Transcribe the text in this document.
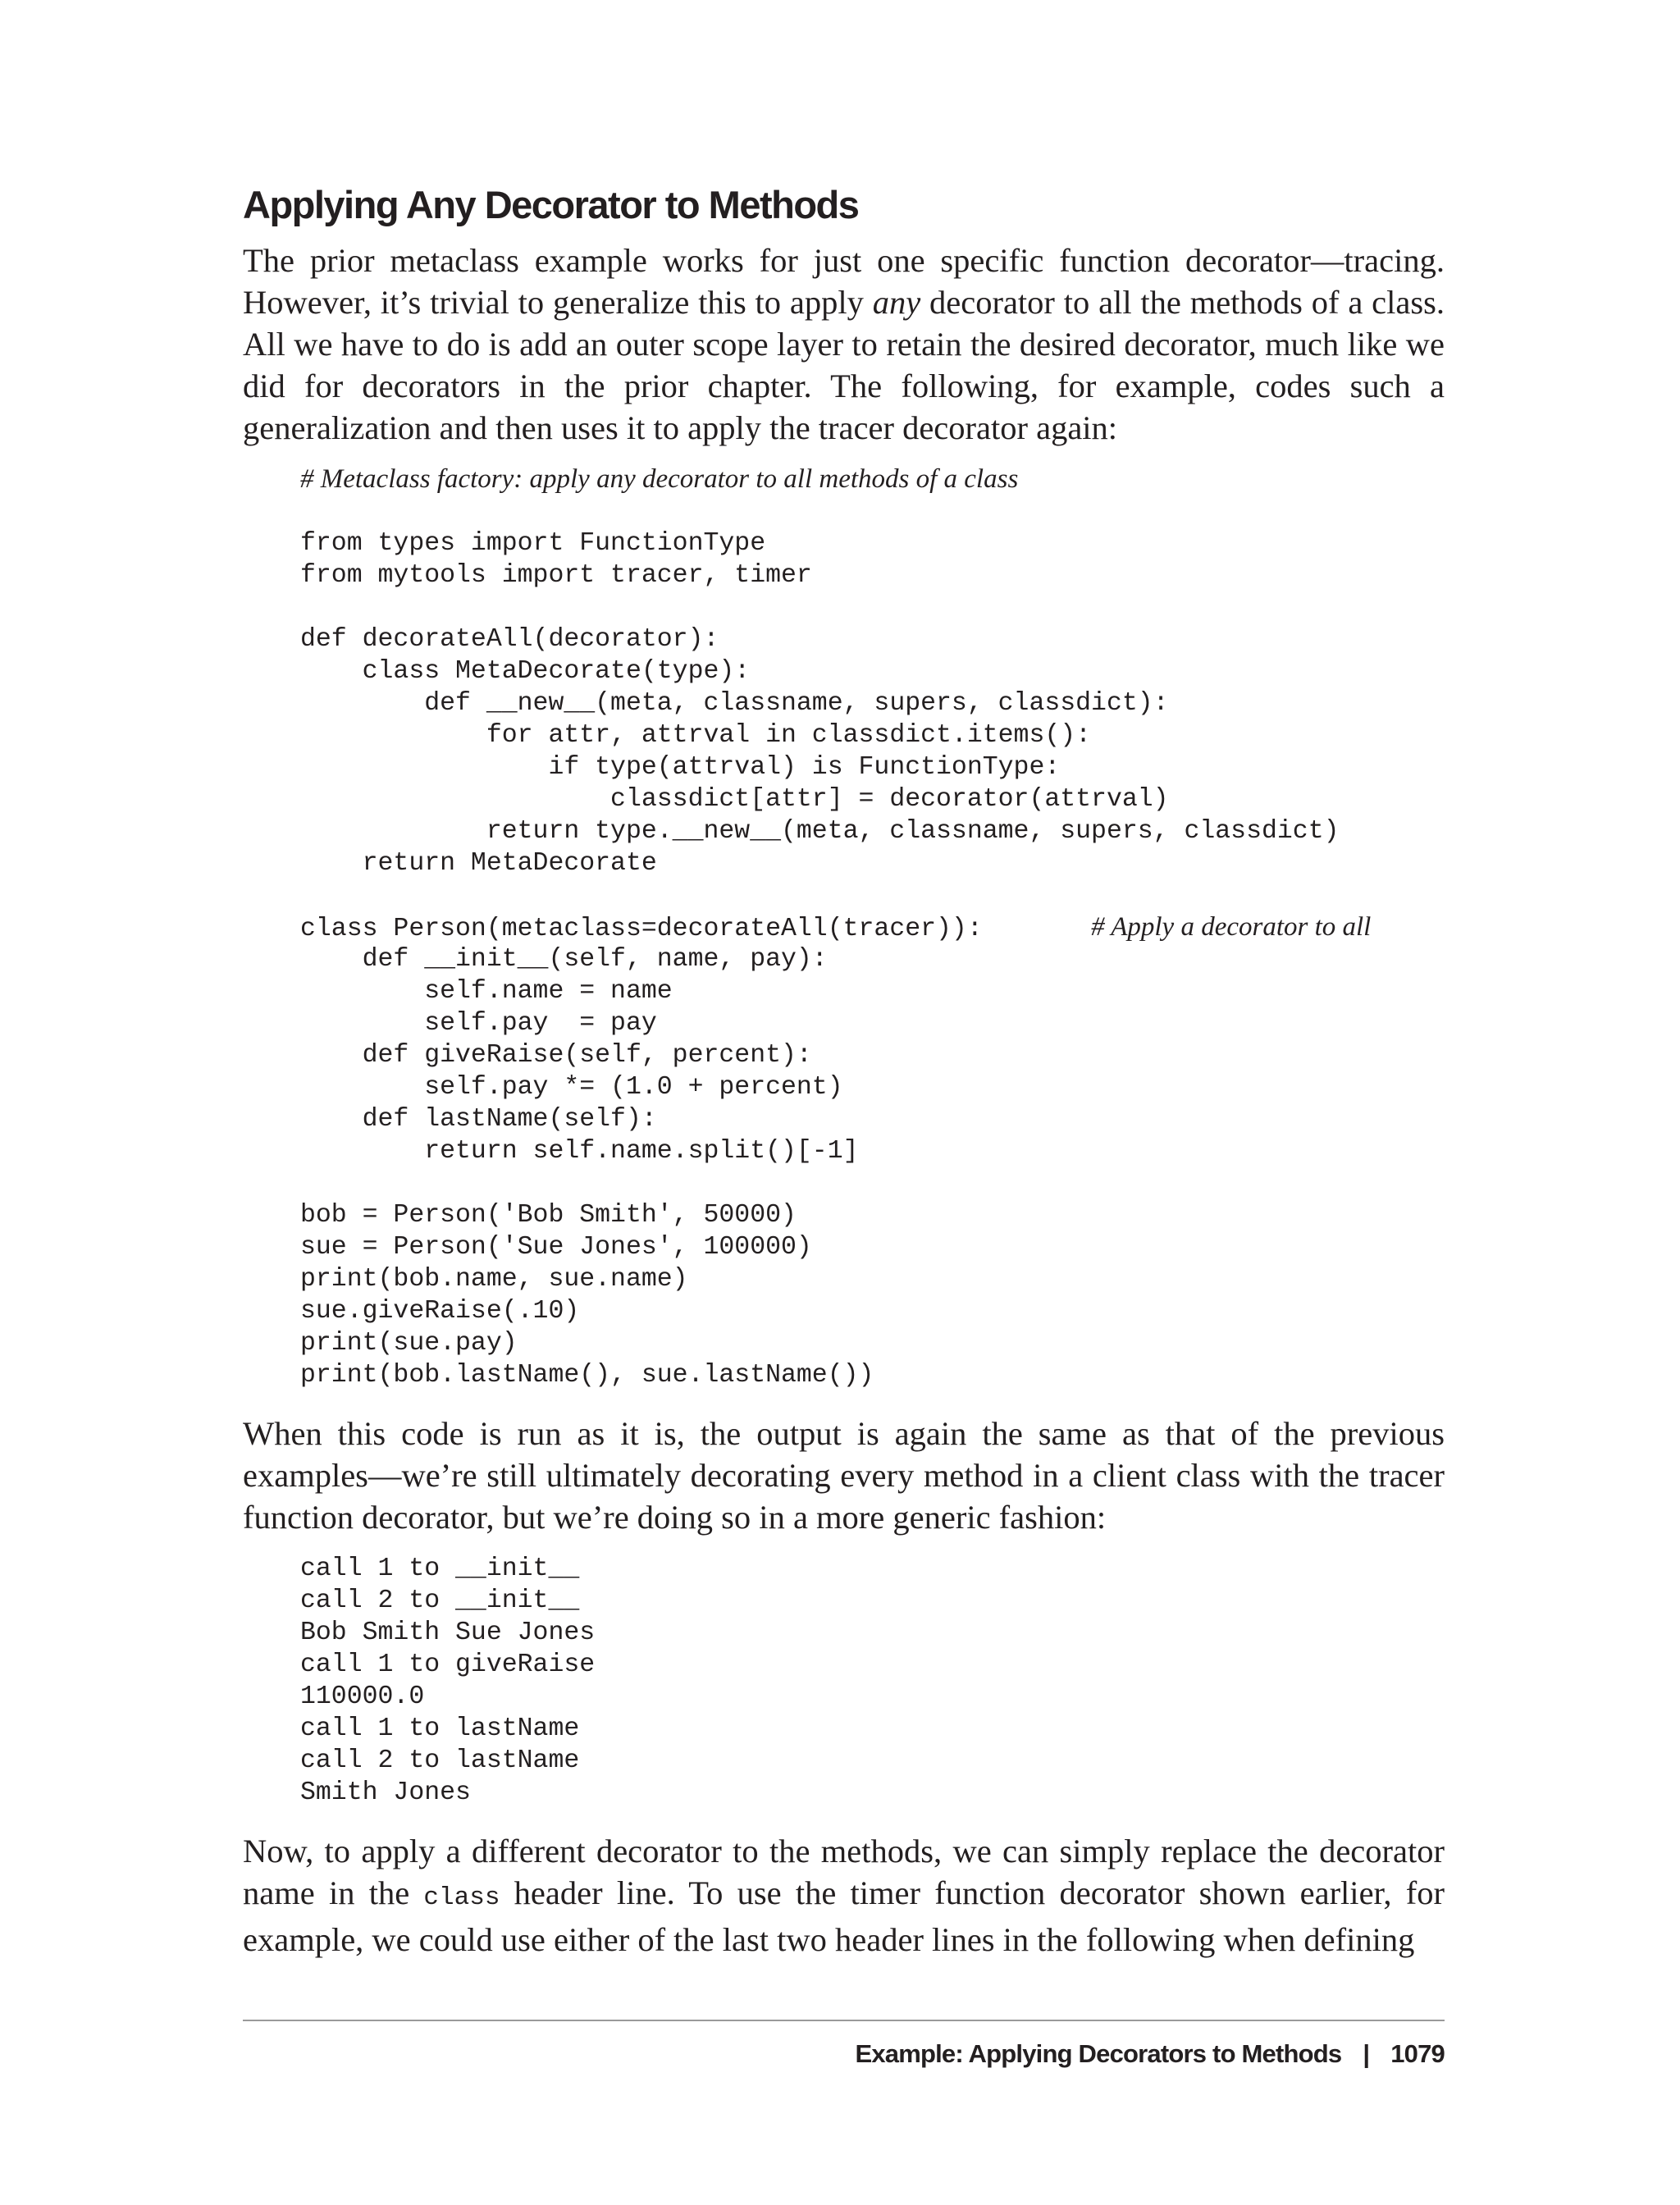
Applying Any Decorator to Methods

The prior metaclass example works for just one specific function decorator—tracing. However, it’s trivial to generalize this to apply any decorator to all the methods of a class. All we have to do is add an outer scope layer to retain the desired decorator, much like we did for decorators in the prior chapter. The following, for example, codes such a generalization and then uses it to apply the tracer decorator again:

# Metaclass factory: apply any decorator to all methods of a class
from types import FunctionType
from mytools import tracer, timer
def decorateAll(decorator):
class MetaDecorate(type):
def __new__(meta, classname, supers, classdict):
for attr, attrval in classdict.items():
if type(attrval) is FunctionType:
classdict[attr] = decorator(attrval)
return type.__new__(meta, classname, supers, classdict)
return MetaDecorate
class Person(metaclass=decorateAll(tracer)):       # Apply a decorator to all
def __init__(self, name, pay):
self.name = name
self.pay  = pay
def giveRaise(self, percent):
self.pay *= (1.0 + percent)
def lastName(self):
return self.name.split()[-1]
bob = Person('Bob Smith', 50000)
sue = Person('Sue Jones', 100000)
print(bob.name, sue.name)
sue.giveRaise(.10)
print(sue.pay)
print(bob.lastName(), sue.lastName())

When this code is run as it is, the output is again the same as that of the previous examples—we’re still ultimately decorating every method in a client class with the tracer function decorator, but we’re doing so in a more generic fashion:

call 1 to __init__
call 2 to __init__
Bob Smith Sue Jones
call 1 to giveRaise
110000.0
call 1 to lastName
call 2 to lastName
Smith Jones

Now, to apply a different decorator to the methods, we can simply replace the decorator name in the class header line. To use the timer function decorator shown earlier, for example, we could use either of the last two header lines in the following when defining

Example: Applying Decorators to Methods | 1079
